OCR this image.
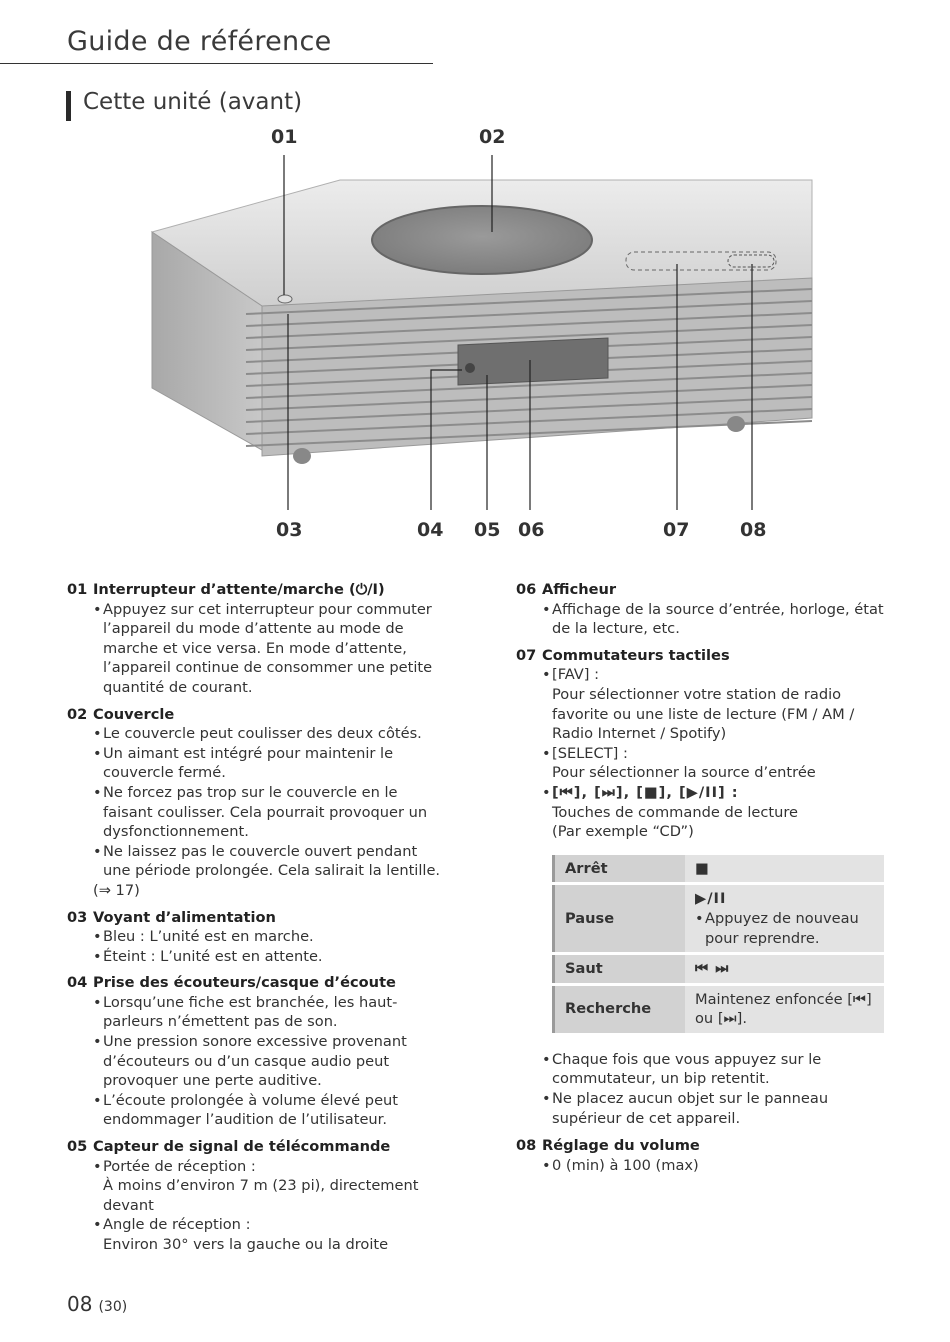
Guide de référence
Cette unité (avant)
01	02
03	04 05 06	07	08
01 Interrupteur d’attente/marche (⏻/I)
• Appuyez sur cet interrupteur pour commuter l’appareil du mode d’attente au mode de marche et vice versa. En mode d’attente, l’appareil continue de consommer une petite quantité de courant.
02 Couvercle
• Le couvercle peut coulisser des deux côtés.
• Un aimant est intégré pour maintenir le couvercle fermé.
• Ne forcez pas trop sur le couvercle en le faisant coulisser. Cela pourrait provoquer un dysfonctionnement.
• Ne laissez pas le couvercle ouvert pendant une période prolongée. Cela salirait la lentille.
(⇒ 17)
03 Voyant d’alimentation
• Bleu : L’unité est en marche.
• Éteint : L’unité est en attente.
04 Prise des écouteurs/casque d’écoute
• Lorsqu’une fiche est branchée, les haut-parleurs n’émettent pas de son.
• Une pression sonore excessive provenant d’écouteurs ou d’un casque audio peut provoquer une perte auditive.
• L’écoute prolongée à volume élevé peut endommager l’audition de l’utilisateur.
05 Capteur de signal de télécommande
• Portée de réception :
À moins d’environ 7 m (23 pi), directement devant
• Angle de réception :
Environ 30° vers la gauche ou la droite
06 Afficheur
• Affichage de la source d’entrée, horloge, état de la lecture, etc.
07 Commutateurs tactiles
• [FAV] :
Pour sélectionner votre station de radio favorite ou une liste de lecture (FM / AM / Radio Internet / Spotify)
• [SELECT] :
Pour sélectionner la source d’entrée
• [⏮], [⏭], [■], [▶/II] :
Touches de commande de lecture
(Par exemple “CD”)
Arrêt	■
Pause	▶/II
• Appuyez de nouveau pour reprendre.

Saut	⏮ ⏭
Recherche	Maintenez enfoncée [⏮] ou [⏭].
• Chaque fois que vous appuyez sur le commutateur, un bip retentit.
• Ne placez aucun objet sur le panneau supérieur de cet appareil.
08 Réglage du volume
• 0 (min) à 100 (max)
08 (30)
